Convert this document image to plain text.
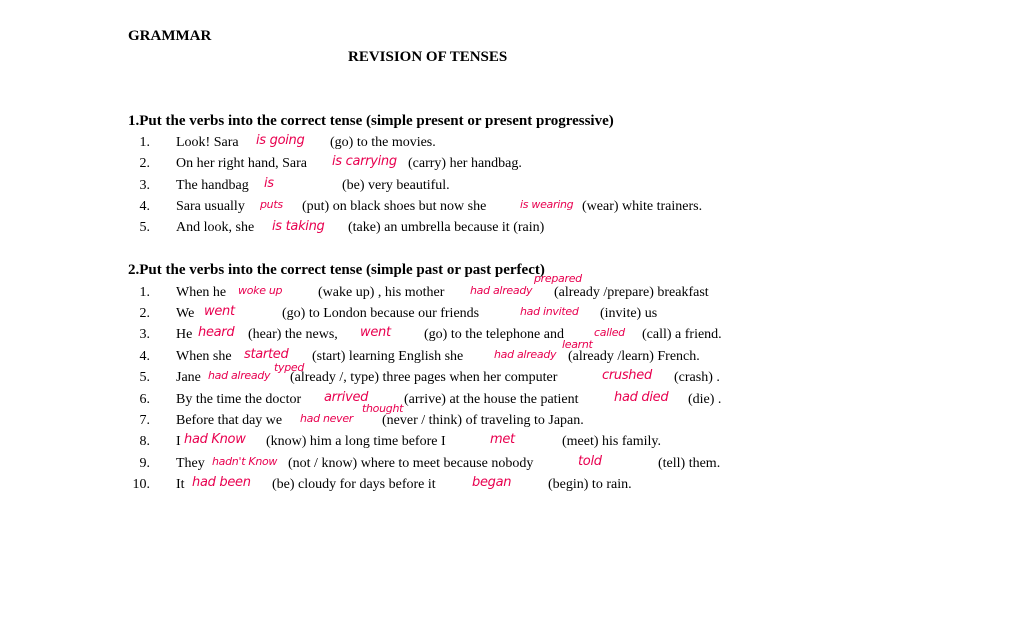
GRAMMAR
REVISION OF TENSES
1.Put the verbs into the correct tense (simple present or present progressive)
1. Look! Sara is going (go) to the movies.
2. On her right hand, Sara is carrying (carry) her handbag.
3. The handbag is	(be) very beautiful.
4. Sara usually puts (put) on black shoes but now she	is wearing (wear) white trainers.
5. And look, she is taking (take) an umbrella because it (rain)
2.Put the verbs into the correct tense (simple past or past perfect)
1. When he woke up	(wake up) , his mother had already
prepared
(already /prepare) breakfast
2. We went	(go) to London because our friends	had invited (invite) us
3. He heard (hear) the news, went (go) to the telephone and	called (call) a friend.
4. When she started (start) learning English she	had already
learnt
(already /learn) French.
5. Jane had already
typed
(already /, type) three pages when her computer	crushed (crash) .
6. By the time the doctor arrived	(arrive) at the house the patient	had died (die) .
7. Before that day we had never
thought
(never / think) of traveling to Japan.
8. I had Know (know) him a long time before I	met	(meet) his family.
9. They hadn't Know (not / know) where to meet because nobody	told	(tell) them.
10. It had been (be) cloudy for days before it	began	(begin) to rain.
